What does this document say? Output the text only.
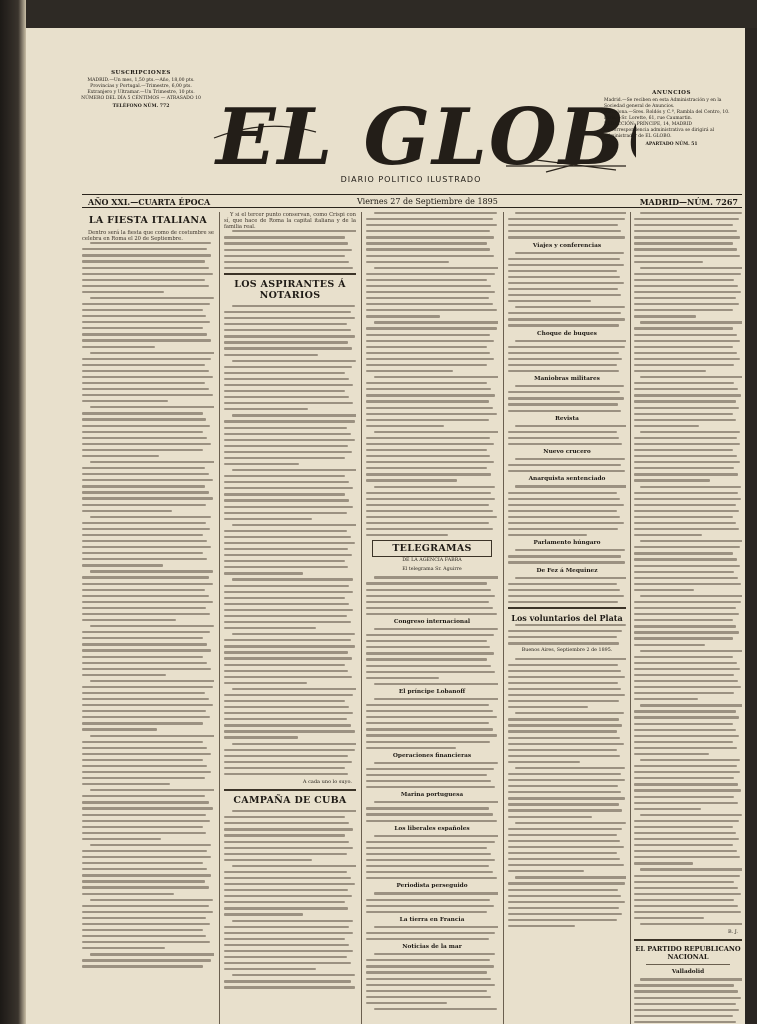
SUSCRIPCIONES
MADRID.—Un mes, 1,50 pts.—Año, 18,00 pts.
Provincias y Portugal.—Trimestre, 6,00 pts.
Extranjero y Ultramar.—Un Trimestre, 10 pts.
NÚMERO DEL DÍA 5 CÉNTIMOS — ATRASADO 10
TELÉFONO NÚM. 772 EL GLOB
DIARIO POLITICO ILUSTRADO
ANUNCIOS
Madrid.—Se reciben en esta Administración y en la Sociedad general de Anuncios.
Barcelona.—Sres. Roldós y C.ª, Rambla del Centro, 10.
París.—Sr. Lorette, 61, rue Caumartin.
REDACCIÓN: PRÍNCIPE, 14, MADRID
La correspondencia administrativa se dirigirá al Administrador de EL GLOBO.
APARTADO NÚM. 51
AÑO XXI.—CUARTA ÉPOCA	Viernes 27 de Septiembre de 1895	MADRID—NÚM. 7267
LA FIESTA ITALIANA

Dentro será la fiesta que como de costumbre se celebra en Roma el 20 de Septiembre.

Y si el tercer punto conservan, como Crispi con sí, que hace de Roma la capital italiana y de la familia real.

LOS ASPIRANTES Á NOTARIOS
A cada uno lo suyo.
CAMPAÑA DE CUBA
TELEGRAMAS
DE LA AGENCIA FABRA
El telegrama Sr. Aguirre
Congreso internacional
El príncipe Lobanoff
Operaciones financieras
Marina portuguesa
Los liberales españoles
Periodista perseguido
La tierra en Francia
Noticias de la mar
Viajes y conferencias
Choque de buques
Maniobras militares
Revista
Nuevo crucero
Anarquista sentenciado
Parlamento húngaro
De Fez á Mequinez
Los voluntarios del Plata
Buenos Aires, Septiembre 2 de 1895.
B. J.
EL PARTIDO REPUBLICANO NACIONAL
Valladolid
